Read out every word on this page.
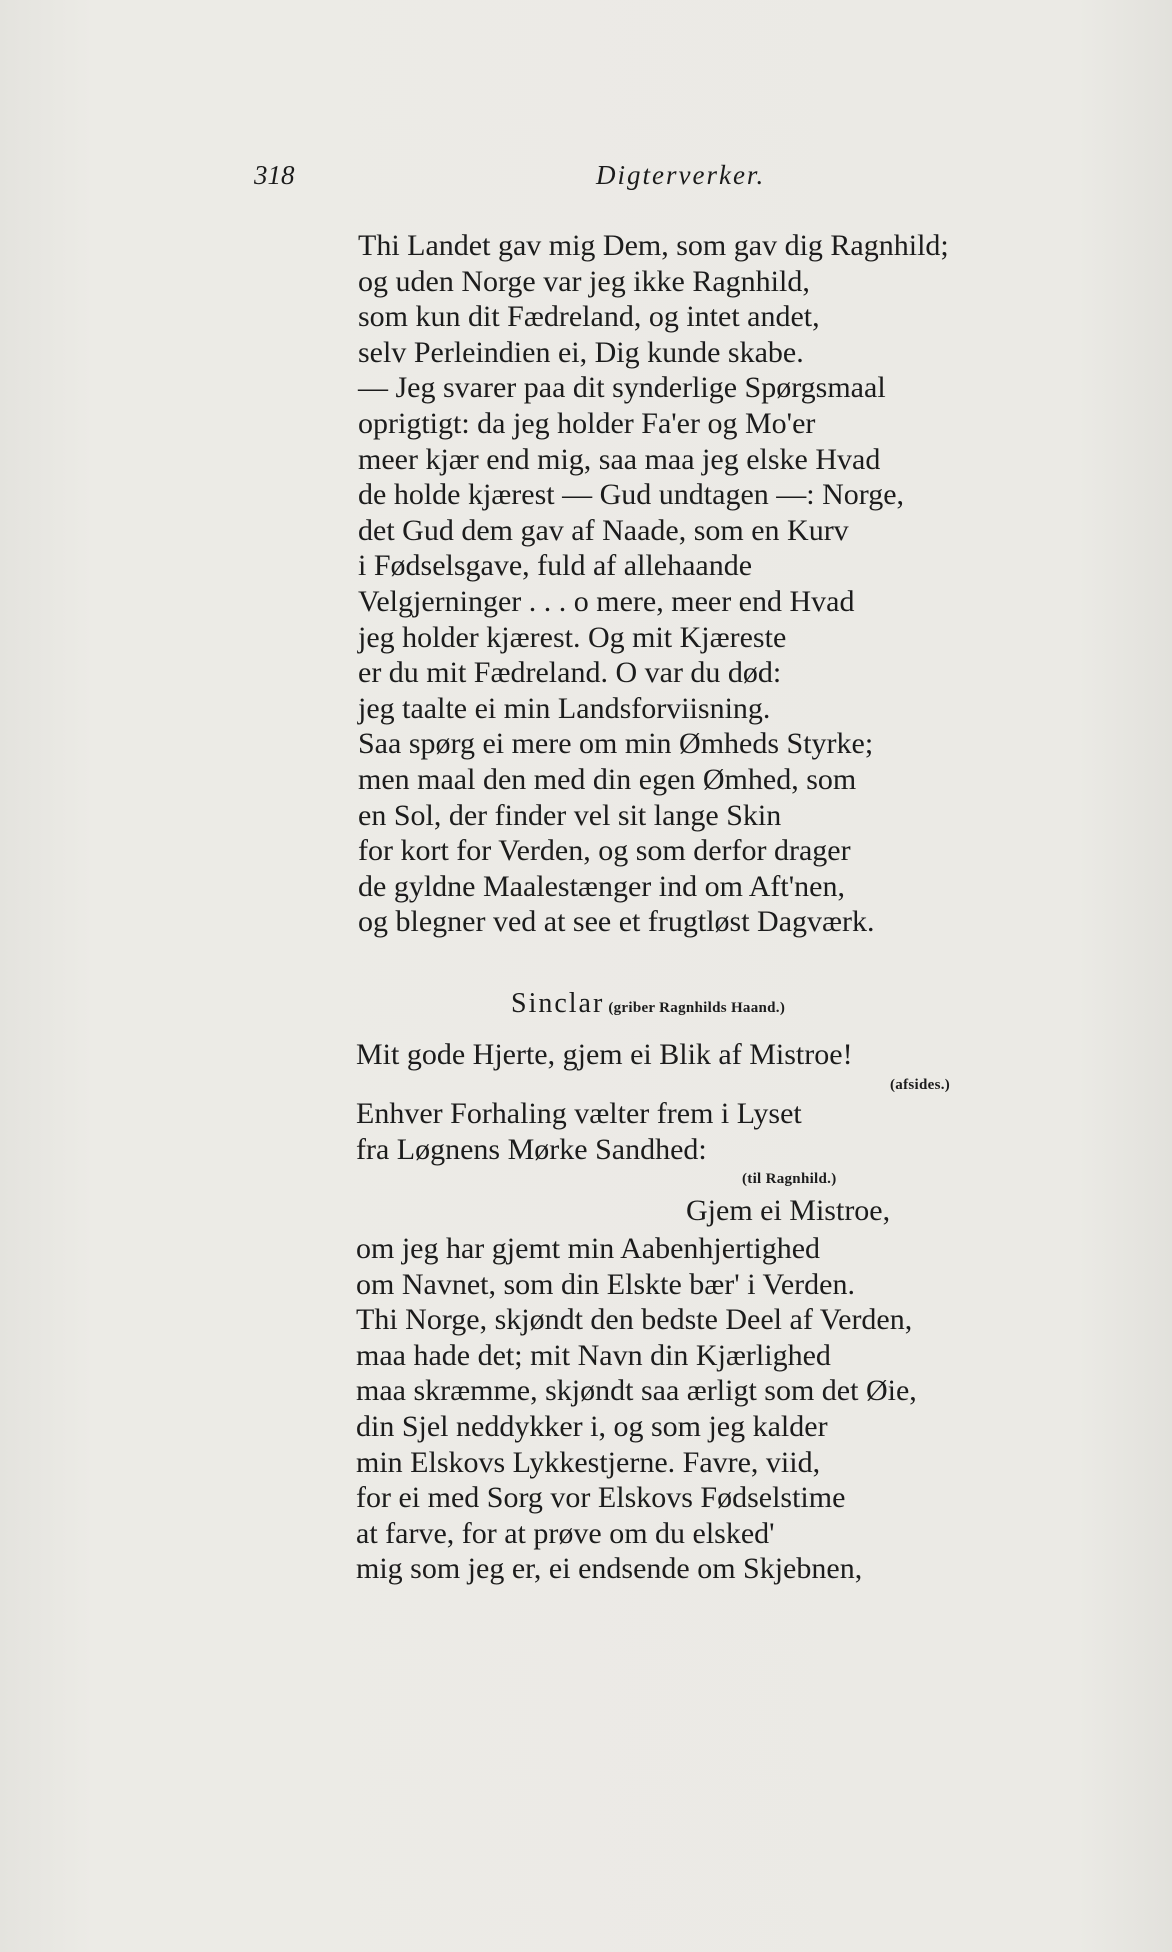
318	Digterverker.
Thi Landet gav mig Dem, som gav dig Ragnhild;
og uden Norge var jeg ikke Ragnhild,
som kun dit Fædreland, og intet andet,
selv Perleindien ei, Dig kunde skabe.
— Jeg svarer paa dit synderlige Spørgsmaal
oprigtigt: da jeg holder Fa'er og Mo'er
meer kjær end mig, saa maa jeg elske Hvad
de holde kjærest — Gud undtagen —: Norge,
det Gud dem gav af Naade, som en Kurv
i Fødselsgave, fuld af allehaande
Velgjerninger . . . o mere, meer end Hvad
jeg holder kjærest. Og mit Kjæreste
er du mit Fædreland. O var du død:
jeg taalte ei min Landsforviisning.
Saa spørg ei mere om min Ømheds Styrke;
men maal den med din egen Ømhed, som
en Sol, der finder vel sit lange Skin
for kort for Verden, og som derfor drager
de gyldne Maalestænger ind om Aft'nen,
og blegner ved at see et frugtløst Dagværk.
Sinclar (griber Ragnhilds Haand.)
Mit gode Hjerte, gjem ei Blik af Mistroe!
(afsides.)
Enhver Forhaling vælter frem i Lyset
fra Løgnens Mørke Sandhed:
(til Ragnhild.)
Gjem ei Mistroe,
om jeg har gjemt min Aabenhjertighed
om Navnet, som din Elskte bær' i Verden.
Thi Norge, skjøndt den bedste Deel af Verden,
maa hade det; mit Navn din Kjærlighed
maa skræmme, skjøndt saa ærligt som det Øie,
din Sjel neddykker i, og som jeg kalder
min Elskovs Lykkestjerne. Favre, viid,
for ei med Sorg vor Elskovs Fødselstime
at farve, for at prøve om du elsked'
mig som jeg er, ei endsende om Skjebnen,
